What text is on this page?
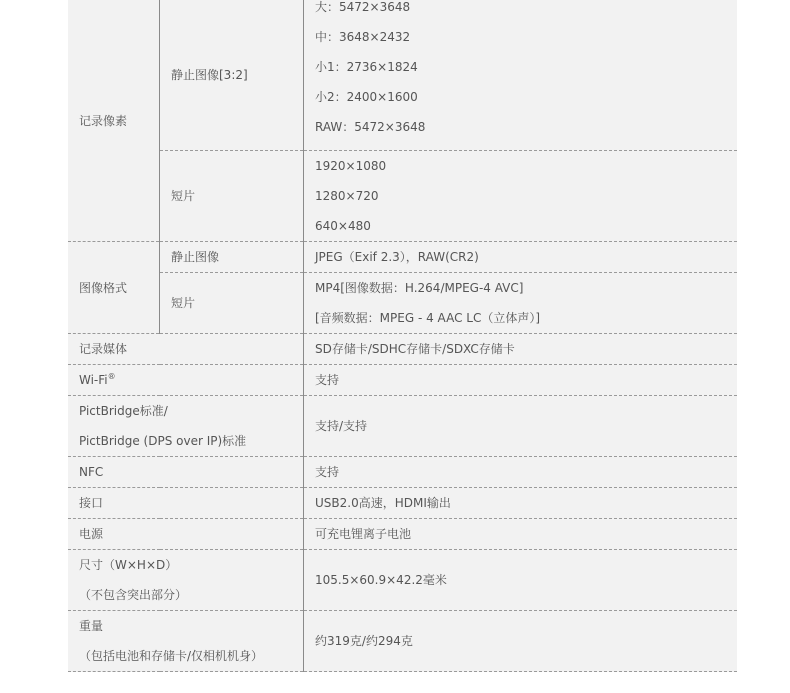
记录像素	静止图像[3:2]	大：5472×3648
中：3648×2432
小1：2736×1824
小2：2400×1600
RAW：5472×3648

	短片	1920×1080
1280×720
640×480

图像格式	静止图像	JPEG（Exif 2.3），RAW(CR2)
	短片	MP4[图像数据：H.264/MPEG-4 AVC]
[音频数据：MPEG - 4 AAC LC（立体声）]

记录媒体		SD存储卡/SDHC存储卡/SDXC存储卡
Wi-Fi®		支持

PictBridge标准/
PictBridge (DPS over IP)标准		支持/支持
NFC		支持
接口		USB2.0高速，HDMI输出
电源		可充电锂离子电池

尺寸（W×H×D）
（不包含突出部分）		105.5×60.9×42.2毫米

重量
（包括电池和存储卡/仅相机机身）		约319克/约294克
